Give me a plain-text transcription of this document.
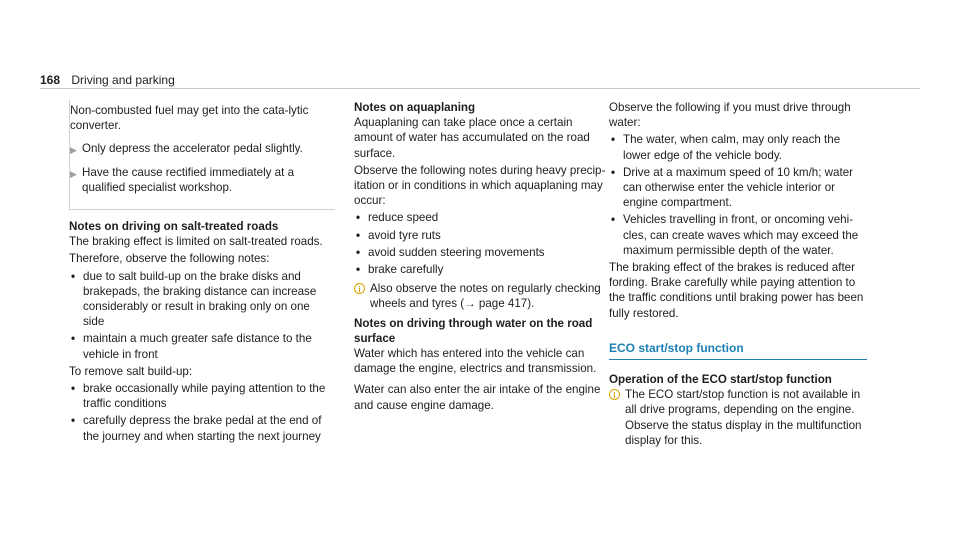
168 Driving and parking

Non-combusted fuel may get into the cata-lytic converter.

▶ Only depress the accelerator pedal slightly.
▶ Have the cause rectified immediately at a qualified specialist workshop.

Notes on driving on salt-treated roads

The braking effect is limited on salt-treated roads.

Therefore, observe the following notes:

• due to salt build-up on the brake disks and brakepads, the braking distance can increase considerably or result in braking only on one side
• maintain a much greater safe distance to the vehicle in front

To remove salt build-up:

• brake occasionally while paying attention to the traffic conditions
• carefully depress the brake pedal at the end of the journey and when starting the next journey

Notes on aquaplaning

Aquaplaning can take place once a certain amount of water has accumulated on the road surface.

Observe the following notes during heavy precip-itation or in conditions in which aquaplaning may occur:

• reduce speed
• avoid tyre ruts
• avoid sudden steering movements
• brake carefully
i Also observe the notes on regularly checking wheels and tyres (→ page 417).

Notes on driving through water on the road surface

Water which has entered into the vehicle can damage the engine, electrics and transmission.

Water can also enter the air intake of the engine and cause engine damage.

Observe the following if you must drive through water:

• The water, when calm, may only reach the lower edge of the vehicle body.
• Drive at a maximum speed of 10 km/h; water can otherwise enter the vehicle interior or engine compartment.
• Vehicles travelling in front, or oncoming vehi-cles, can create waves which may exceed the maximum permissible depth of the water.

The braking effect of the brakes is reduced after fording. Brake carefully while paying attention to the traffic conditions until braking power has been fully restored.

ECO start/stop function

Operation of the ECO start/stop function

i The ECO start/stop function is not available in all drive programs, depending on the engine. Observe the status display in the multifunction display for this.
